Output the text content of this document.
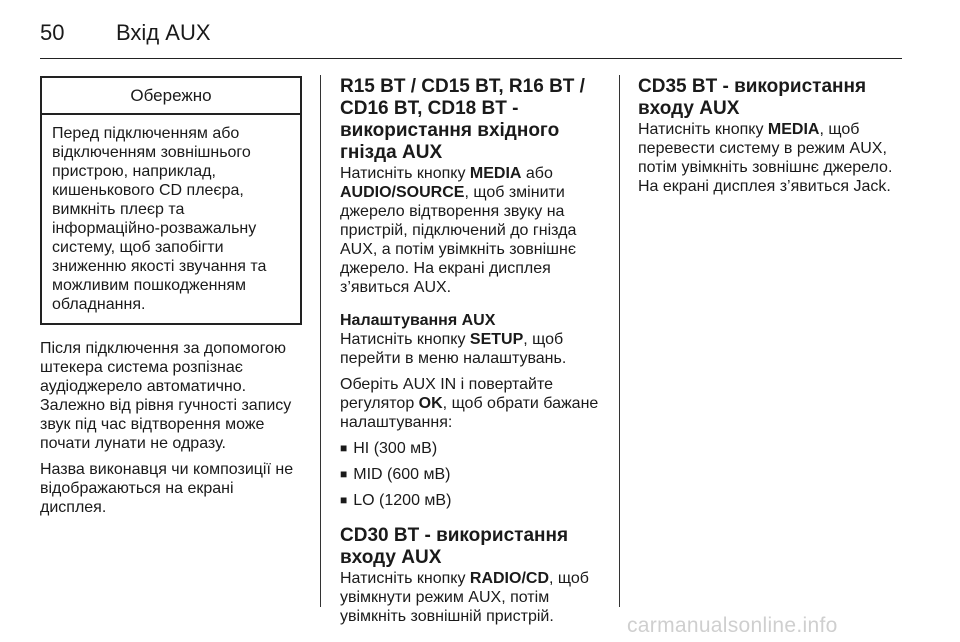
50 Вхід AUX
Обережно
Перед підключенням або відключенням зовнішнього пристрою, наприклад, кишенькового CD плеєра, вимкніть плеєр та інформаційно-розважальну систему, щоб запобігти зниженню якості звучання та можливим пошкодженням обладнання.

Після підключення за допомогою штекера система розпізнає аудіоджерело автоматично. Залежно від рівня гучності запису звук під час відтворення може почати лунати не одразу.

Назва виконавця чи композиції не відображаються на екрані дисплея.

R15 BT / CD15 BT, R16 BT / CD16 BT, CD18 BT - використання вхідного гнізда AUX

Натисніть кнопку MEDIA або AUDIO/SOURCE, щоб змінити джерело відтворення звуку на пристрій, підключений до гнізда AUX, а потім увімкніть зовнішнє джерело. На екрані дисплея з’явиться AUX.

Налаштування AUX

Натисніть кнопку SETUP, щоб перейти в меню налаштувань.

Оберіть AUX IN і повертайте регулятор OK, щоб обрати бажане налаштування:

■ HI (300 мВ)
■ MID (600 мВ)
■ LO (1200 мВ)
CD30 BT - використання входу AUX

Натисніть кнопку RADIO/CD, щоб увімкнути режим AUX, потім увімкніть зовнішній пристрій.

CD35 BT - використання входу AUX

Натисніть кнопку MEDIA, щоб перевести систему в режим AUX, потім увімкніть зовнішнє джерело. На екрані дисплея з’явиться Jack.

carmanualsonline.info
